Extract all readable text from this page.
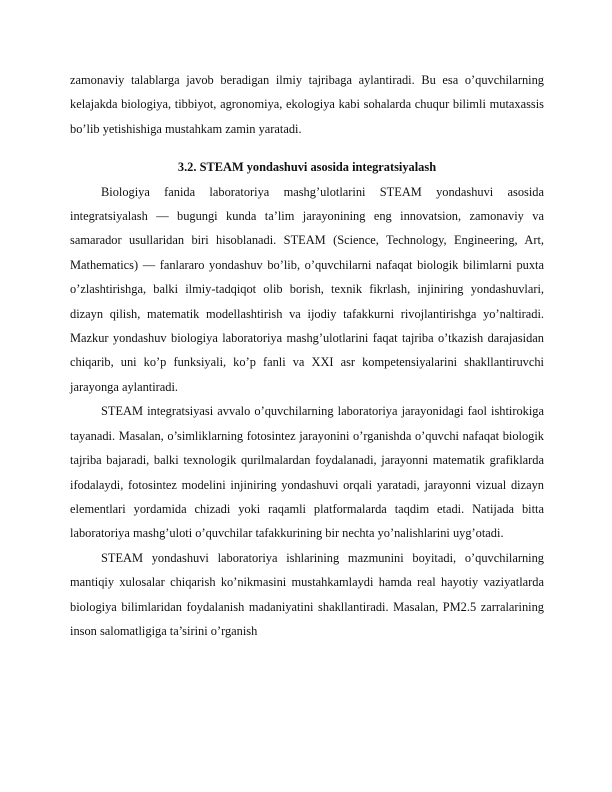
zamonaviy talablarga javob beradigan ilmiy tajribaga aylantiradi. Bu esa o’quvchilarning kelajakda biologiya, tibbiyot, agronomiya, ekologiya kabi sohalarda chuqur bilimli mutaxassis bo’lib yetishishiga mustahkam zamin yaratadi.

3.2. STEAM yondashuvi asosida integratsiyalash

Biologiya fanida laboratoriya mashg’ulotlarini STEAM yondashuvi asosida integratsiyalash — bugungi kunda ta’lim jarayonining eng innovatsion, zamonaviy va samarador usullaridan biri hisoblanadi. STEAM (Science, Technology, Engineering, Art, Mathematics) — fanlararo yondashuv bo’lib, o’quvchilarni nafaqat biologik bilimlarni puxta o’zlashtirishga, balki ilmiy-tadqiqot olib borish, texnik fikrlash, injiniring yondashuvlari, dizayn qilish, matematik modellashtirish va ijodiy tafakkurni rivojlantirishga yo’naltiradi. Mazkur yondashuv biologiya laboratoriya mashg’ulotlarini faqat tajriba o’tkazish darajasidan chiqarib, uni ko’p funksiyali, ko’p fanli va XXI asr kompetensiyalarini shakllantiruvchi jarayonga aylantiradi.

STEAM integratsiyasi avvalo o’quvchilarning laboratoriya jarayonidagi faol ishtirokiga tayanadi. Masalan, o’simliklarning fotosintez jarayonini o’rganishda o’quvchi nafaqat biologik tajriba bajaradi, balki texnologik qurilmalardan foydalanadi, jarayonni matematik grafiklarda ifodalaydi, fotosintez modelini injiniring yondashuvi orqali yaratadi, jarayonni vizual dizayn elementlari yordamida chizadi yoki raqamli platformalarda taqdim etadi. Natijada bitta laboratoriya mashg’uloti o’quvchilar tafakkurining bir nechta yo’nalishlarini uyg’otadi.

STEAM yondashuvi laboratoriya ishlarining mazmunini boyitadi, o’quvchilarning mantiqiy xulosalar chiqarish ko’nikmasini mustahkamlaydi hamda real hayotiy vaziyatlarda biologiya bilimlaridan foydalanish madaniyatini shakllantiradi. Masalan, PM2.5 zarralarining inson salomatligiga ta’sirini o’rganish
